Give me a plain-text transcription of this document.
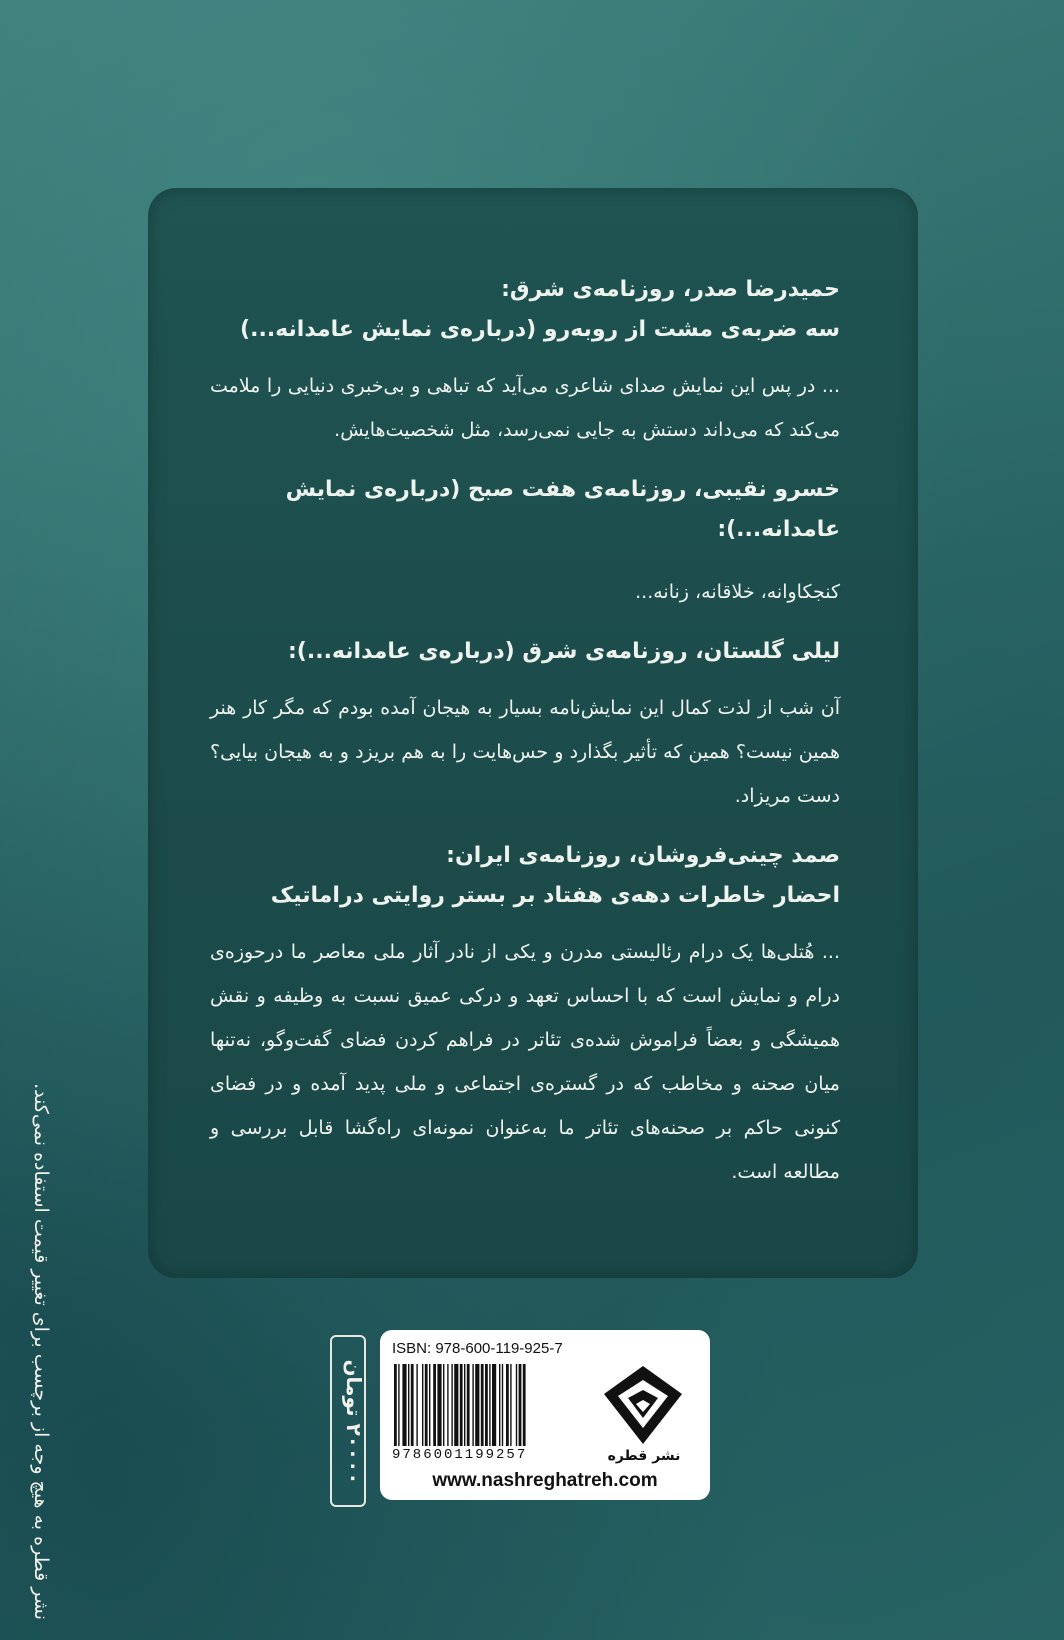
حمیدرضا صدر، روزنامه‌ی شرق:

سه ضربه‌ی مشت از روبه‌رو (درباره‌ی نمایش عامدانه...)

... در پس این نمایش صدای شاعری می‌آید که تباهی و بی‌خبری دنیایی را ملامت می‌کند که می‌داند دستش به جایی نمی‌رسد، مثل شخصیت‌هایش.

خسرو نقیبی، روزنامه‌ی هفت صبح (درباره‌ی نمایش عامدانه...):

کنجکاوانه، خلاقانه، زنانه...

لیلی گلستان، روزنامه‌ی شرق (درباره‌ی عامدانه...):

آن شب از لذت کمال این نمایش‌نامه بسیار به هیجان آمده بودم که مگر کار هنر همین نیست؟ همین که تأثیر بگذارد و حس‌هایت را به هم بریزد و به هیجان بیایی؟ دست مریزاد.

صمد چینی‌فروشان، روزنامه‌ی ایران:

احضار خاطرات دهه‌ی هفتاد بر بستر روایتی دراماتیک

... هُتلی‌ها یک درام رئالیستی مدرن و یکی از نادر آثار ملی معاصر ما درحوزه‌ی درام و نمایش است که با احساس تعهد و درکی عمیق نسبت به وظیفه و نقش همیشگی و بعضاً فراموش شده‌ی تئاتر در فراهم کردن فضای گفت‌وگو، نه‌تنها میان صحنه و مخاطب که در گستره‌ی اجتماعی و ملی پدید آمده و در فضای کنونی حاکم بر صحنه‌های تئاتر ما به‌عنوان نمونه‌ای راه‌گشا قابل بررسی و مطالعه است.

نشر قطره به هیچ وجه از برچسب برای تغییر قیمت استفاده نمی‌کند.	۲۰۰۰۰ تومان
ISBN: 978-600-119-925-7
9786001199257	نشر قطره
www.nashreghatreh.com
